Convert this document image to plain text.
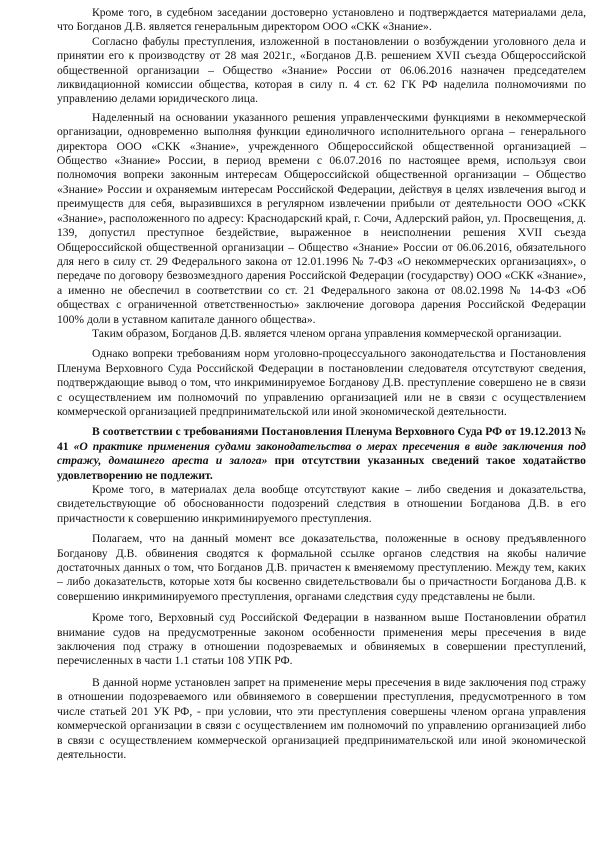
Кроме того, в судебном заседании достоверно установлено и подтверждается материалами дела, что Богданов Д.В. является генеральным директором ООО «СКК «Знание».

Согласно фабулы преступления, изложенной в постановлении о возбуждении уголовного дела и принятии его к производству от 28 мая 2021г., «Богданов Д.В. решением XVII съезда Общероссийской общественной организации – Общество «Знание» России от 06.06.2016 назначен председателем ликвидационной комиссии общества, которая в силу п. 4 ст. 62 ГК РФ наделила полномочиями по управлению делами юридического лица.

Наделенный на основании указанного решения управленческими функциями в некоммерческой организации, одновременно выполняя функции единоличного исполнительного органа – генерального директора ООО «СКК «Знание», учрежденного Общероссийской общественной организацией – Общество «Знание» России, в период времени с 06.07.2016 по настоящее время, используя свои полномочия вопреки законным интересам Общероссийской общественной организации – Общество «Знание» России и охраняемым интересам Российской Федерации, действуя в целях извлечения выгод и преимуществ для себя, выразившихся в регулярном извлечении прибыли от деятельности ООО «СКК «Знание», расположенного по адресу: Краснодарский край, г. Сочи, Адлерский район, ул. Просвещения, д. 139, допустил преступное бездействие, выраженное в неисполнении решения XVII съезда Общероссийской общественной организации – Общество «Знание» России от 06.06.2016, обязательного для него в силу ст. 29 Федерального закона от 12.01.1996 № 7-ФЗ «О некоммерческих организациях», о передаче по договору безвозмездного дарения Российской Федерации (государству) ООО «СКК «Знание», а именно не обеспечил в соответствии со ст. 21 Федерального закона от 08.02.1998 № 14-ФЗ «Об обществах с ограниченной ответственностью» заключение договора дарения Российской Федерации 100% доли в уставном капитале данного общества».

Таким образом, Богданов Д.В. является членом органа управления коммерческой организации.

Однако вопреки требованиям норм уголовно-процессуального законодательства и Постановления Пленума Верховного Суда Российской Федерации в постановлении следователя отсутствуют сведения, подтверждающие вывод о том, что инкриминируемое Богданову Д.В. преступление совершено не в связи с осуществлением им полномочий по управлению организацией или не в связи с осуществлением коммерческой организацией предпринимательской или иной экономической деятельности.

В соответствии с требованиями Постановления Пленума Верховного Суда РФ от 19.12.2013 № 41 «О практике применения судами законодательства о мерах пресечения в виде заключения под стражу, домашнего ареста и залога» при отсутствии указанных сведений такое ходатайство удовлетворению не подлежит.

Кроме того, в материалах дела вообще отсутствуют какие – либо сведения и доказательства, свидетельствующие об обоснованности подозрений следствия в отношении Богданова Д.В. в его причастности к совершению инкриминируемого преступления.

Полагаем, что на данный момент все доказательства, положенные в основу предъявленного Богданову Д.В. обвинения сводятся к формальной ссылке органов следствия на якобы наличие достаточных данных о том, что Богданов Д.В. причастен к вменяемому преступлению. Между тем, каких – либо доказательств, которые хотя бы косвенно свидетельствовали бы о причастности Богданова Д.В. к совершению инкриминируемого преступления, органами следствия суду представлены не были.

Кроме того, Верховный суд Российской Федерации в названном выше Постановлении обратил внимание судов на предусмотренные законом особенности применения меры пресечения в виде заключения под стражу в отношении подозреваемых и обвиняемых в совершении преступлений, перечисленных в части 1.1 статьи 108 УПК РФ.

В данной норме установлен запрет на применение меры пресечения в виде заключения под стражу в отношении подозреваемого или обвиняемого в совершении преступления, предусмотренного в том числе статьей 201 УК РФ, - при условии, что эти преступления совершены членом органа управления коммерческой организации в связи с осуществлением им полномочий по управлению организацией либо в связи с осуществлением коммерческой организацией предпринимательской или иной экономической деятельности.
